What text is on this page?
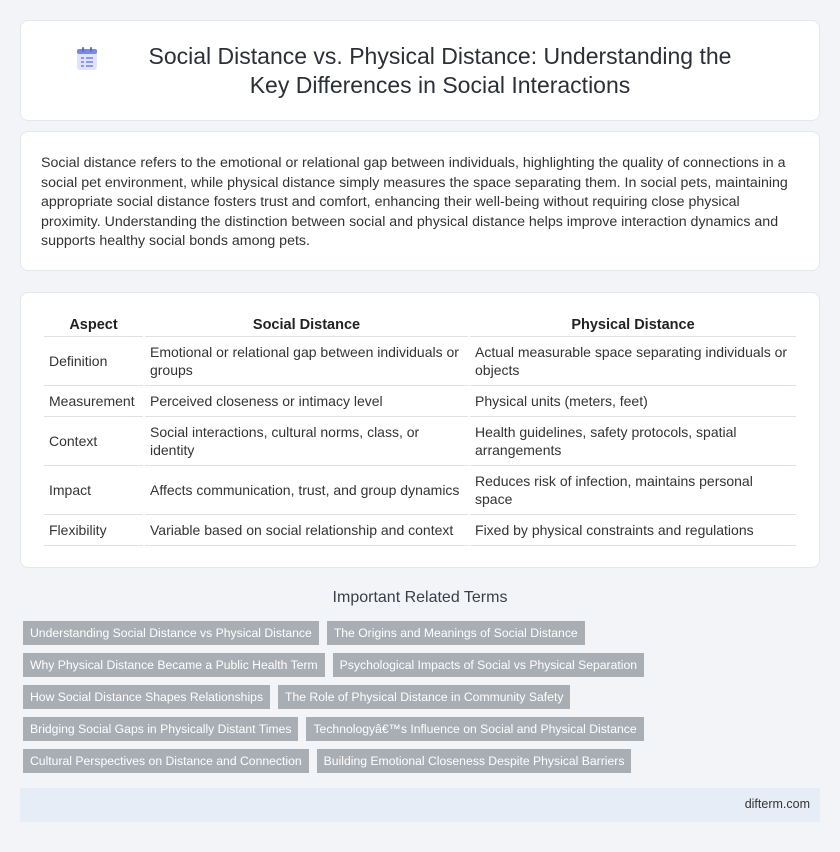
Social Distance vs. Physical Distance: Understanding the Key Differences in Social Interactions

Social distance refers to the emotional or relational gap between individuals, highlighting the quality of connections in a social pet environment, while physical distance simply measures the space separating them. In social pets, maintaining appropriate social distance fosters trust and comfort, enhancing their well-being without requiring close physical proximity. Understanding the distinction between social and physical distance helps improve interaction dynamics and supports healthy social bonds among pets.

Aspect	Social Distance	Physical Distance
Definition	Emotional or relational gap between individuals or groups	Actual measurable space separating individuals or objects
Measurement	Perceived closeness or intimacy level	Physical units (meters, feet)
Context	Social interactions, cultural norms, class, or identity	Health guidelines, safety protocols, spatial arrangements
Impact	Affects communication, trust, and group dynamics	Reduces risk of infection, maintains personal space
Flexibility	Variable based on social relationship and context	Fixed by physical constraints and regulations
Important Related Terms
Understanding Social Distance vs Physical Distance	The Origins and Meanings of Social Distance
Why Physical Distance Became a Public Health Term	Psychological Impacts of Social vs Physical Separation
How Social Distance Shapes Relationships	The Role of Physical Distance in Community Safety
Bridging Social Gaps in Physically Distant Times	Technologyâ€™s Influence on Social and Physical Distance
Cultural Perspectives on Distance and Connection	Building Emotional Closeness Despite Physical Barriers
difterm.com
